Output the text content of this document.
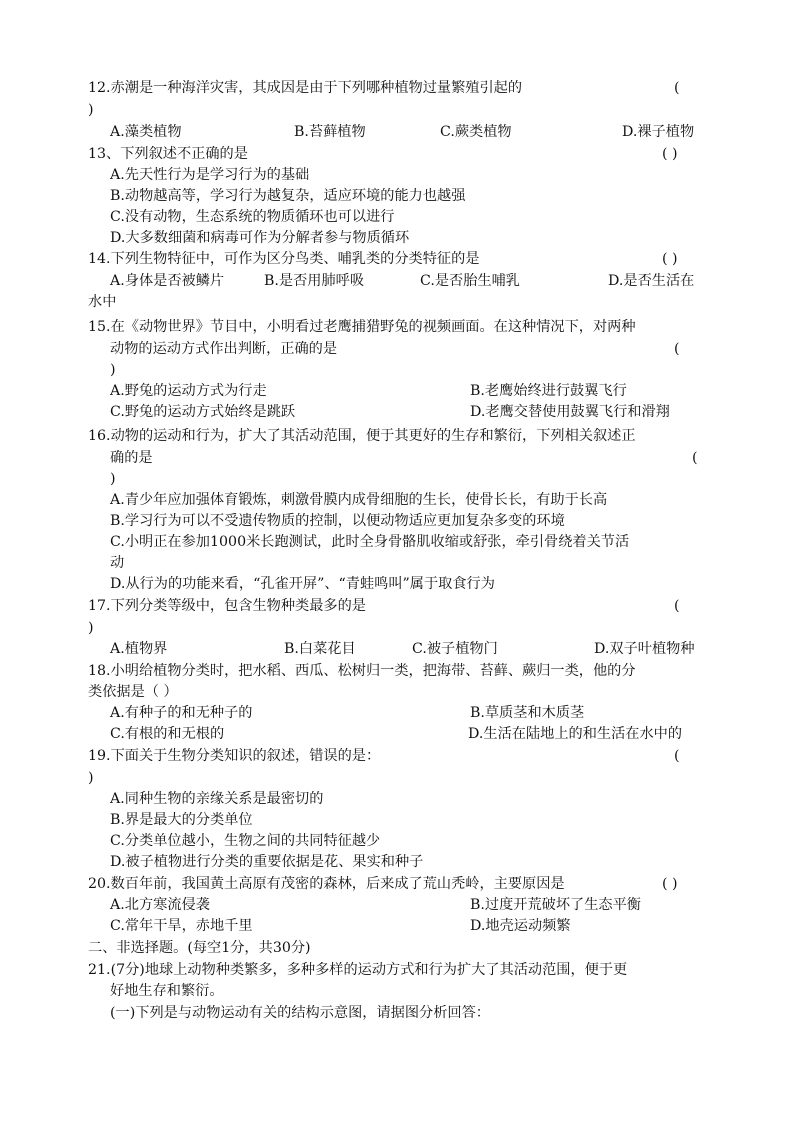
12.赤潮是一种海洋灾害，其成因是由于下列哪种植物过量繁殖引起的	(
)
A.藻类植物	B.苔藓植物	C.蕨类植物	D.裸子植物
13、下列叙述不正确的是	( )
A.先天性行为是学习行为的基础
B.动物越高等，学习行为越复杂，适应环境的能力也越强
C.没有动物，生态系统的物质循环也可以进行
D.大多数细菌和病毒可作为分解者参与物质循环
14.下列生物特征中，可作为区分鸟类、哺乳类的分类特征的是	( )
A.身体是否被鳞片	B.是否用肺呼吸	C.是否胎生哺乳	D.是否生活在
水中
15.在《动物世界》节目中，小明看过老鹰捕猎野兔的视频画面。在这种情况下，对两种
动物的运动方式作出判断，正确的是	(
)
A.野兔的运动方式为行走	B.老鹰始终进行鼓翼飞行
C.野兔的运动方式始终是跳跃	D.老鹰交替使用鼓翼飞行和滑翔
16.动物的运动和行为，扩大了其活动范围，便于其更好的生存和繁衍，下列相关叙述正
确的是	(
)
A.青少年应加强体育锻炼，刺激骨膜内成骨细胞的生长，使骨长长，有助于长高
B.学习行为可以不受遗传物质的控制，以便动物适应更加复杂多变的环境
C.小明正在参加1000米长跑测试，此时全身骨骼肌收缩或舒张，牵引骨绕着关节活
动
D.从行为的功能来看，“孔雀开屏”、“青蛙鸣叫”属于取食行为
17.下列分类等级中，包含生物种类最多的是	(
)
A.植物界	B.白菜花目	C.被子植物门	D.双子叶植物种
18.小明给植物分类时，把水稻、西瓜、松树归一类，把海带、苔藓、蕨归一类，他的分
类依据是（ ）
A.有种子的和无种子的	B.草质茎和木质茎
C.有根的和无根的	D.生活在陆地上的和生活在水中的
19.下面关于生物分类知识的叙述，错误的是：	(
)
A.同种生物的亲缘关系是最密切的
B.界是最大的分类单位
C.分类单位越小，生物之间的共同特征越少
D.被子植物进行分类的重要依据是花、果实和种子
20.数百年前，我国黄土高原有茂密的森林，后来成了荒山秃岭，主要原因是	( )
A.北方寒流侵袭	B.过度开荒破坏了生态平衡
C.常年干旱，赤地千里	D.地壳运动频繁
二、非选择题。(每空1分，共30分)
21.(7分)地球上动物种类繁多，多种多样的运动方式和行为扩大了其活动范围，便于更
好地生存和繁衍。
(一)下列是与动物运动有关的结构示意图，请据图分析回答：
